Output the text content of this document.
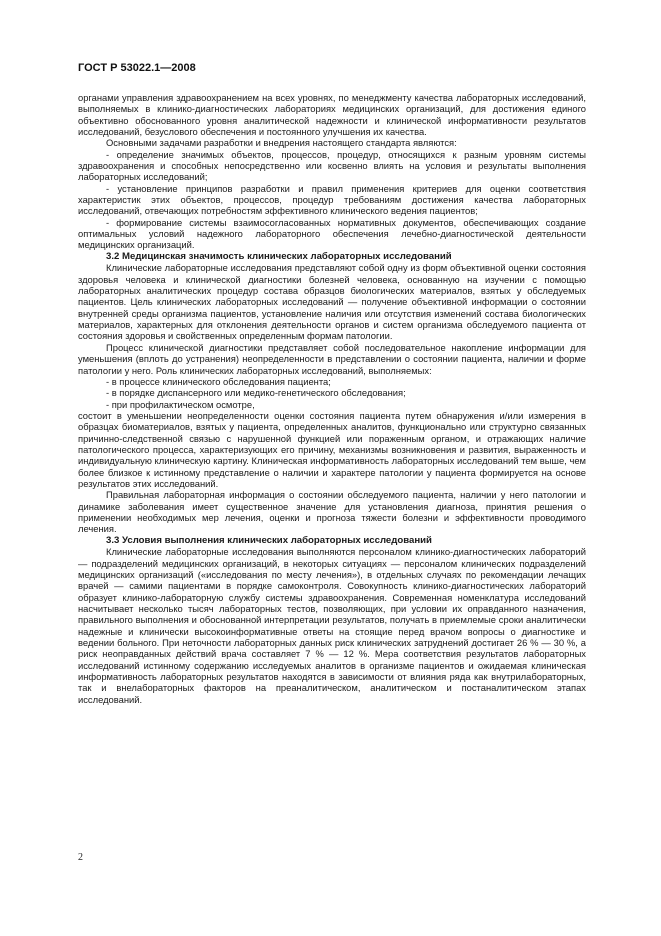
ГОСТ Р 53022.1—2008

органами управления здравоохранением на всех уровнях, по менеджменту качества лабораторных исследований, выполняемых в клинико-диагностических лабораториях медицинских организаций, для достижения единого объективно обоснованного уровня аналитической надежности и клинической информативности результатов исследований, безуслового обеспечения и постоянного улучшения их качества.

Основными задачами разработки и внедрения настоящего стандарта являются:

- определение значимых объектов, процессов, процедур, относящихся к разным уровням системы здравоохранения и способных непосредственно или косвенно влиять на условия и результаты выполнения лабораторных исследований;

- установление принципов разработки и правил применения критериев для оценки соответствия характеристик этих объектов, процессов, процедур требованиям достижения качества лабораторных исследований, отвечающих потребностям эффективного клинического ведения пациентов;

- формирование системы взаимосогласованных нормативных документов, обеспечивающих создание оптимальных условий надежного лабораторного обеспечения лечебно-диагностической деятельности медицинских организаций.

3.2 Медицинская значимость клинических лабораторных исследований

Клинические лабораторные исследования представляют собой одну из форм объективной оценки состояния здоровья человека и клинической диагностики болезней человека, основанную на изучении с помощью лабораторных аналитических процедур состава образцов биологических материалов, взятых у обследуемых пациентов. Цель клинических лабораторных исследований — получение объективной информации о состоянии внутренней среды организма пациентов, установление наличия или отсутствия изменений состава биологических материалов, характерных для отклонения деятельности органов и систем организма обследуемого пациента от состояния здоровья и свойственных определенным формам патологии.

Процесс клинической диагностики представляет собой последовательное накопление информации для уменьшения (вплоть до устранения) неопределенности в представлении о состоянии пациента, наличии и форме патологии у него. Роль клинических лабораторных исследований, выполняемых:

- в процессе клинического обследования пациента;

- в порядке диспансерного или медико-генетического обследования;

- при профилактическом осмотре,

состоит в уменьшении неопределенности оценки состояния пациента путем обнаружения и/или измерения в образцах биоматериалов, взятых у пациента, определенных аналитов, функционально или структурно связанных причинно-следственной связью с нарушенной функцией или пораженным органом, и отражающих наличие патологического процесса, характеризующих его причину, механизмы возникновения и развития, выраженность и индивидуальную клиническую картину. Клиническая информативность лабораторных исследований тем выше, чем более близкое к истинному представление о наличии и характере патологии у пациента формируется на основе результатов этих исследований.

Правильная лабораторная информация о состоянии обследуемого пациента, наличии у него патологии и динамике заболевания имеет существенное значение для установления диагноза, принятия решения о применении необходимых мер лечения, оценки и прогноза тяжести болезни и эффективности проводимого лечения.

3.3 Условия выполнения клинических лабораторных исследований

Клинические лабораторные исследования выполняются персоналом клинико-диагностических лабораторий — подразделений медицинских организаций, в некоторых ситуациях — персоналом клинических подразделений медицинских организаций («исследования по месту лечения»), в отдельных случаях по рекомендации лечащих врачей — самими пациентами в порядке самоконтроля. Совокупность клинико-диагностических лабораторий образует клинико-лабораторную службу системы здравоохранения. Современная номенклатура исследований насчитывает несколько тысяч лабораторных тестов, позволяющих, при условии их оправданного назначения, правильного выполнения и обоснованной интерпретации результатов, получать в приемлемые сроки аналитически надежные и клинически высокоинформативные ответы на стоящие перед врачом вопросы о диагностике и ведении больного. При неточности лабораторных данных риск клинических затруднений достигает 26 % — 30 %, а риск неоправданных действий врача составляет 7 % — 12 %. Мера соответствия результатов лабораторных исследований истинному содержанию исследуемых аналитов в организме пациентов и ожидаемая клиническая информативность лабораторных результатов находятся в зависимости от влияния ряда как внутрилабораторных, так и внелабораторных факторов на преаналитическом, аналитическом и постаналитическом этапах исследований.

2
